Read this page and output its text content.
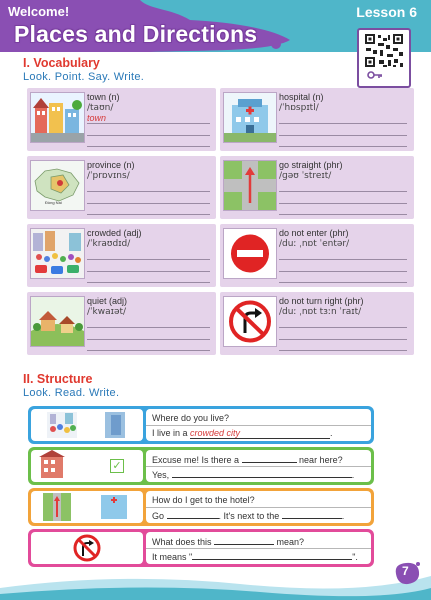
Welcome!	Lesson 6
Places and Directions
I. Vocabulary
Look. Point. Say. Write.
town (n)
/taʊn/
town
hospital (n)
/ˈhɒspɪtl/
Đồng Nai
province (n)
/ˈprɒvɪns/
go straight (phr)
/ɡəʊ ˈstreɪt/
crowded (adj)
/ˈkraʊdɪd/
do not enter (phr)
/duː ˌnɒt ˈentər/
quiet (adj)
/ˈkwaɪət/
do not turn right (phr)
/duː ˌnɒt tɜːn ˈraɪt/
II. Structure
Look. Read. Write.
Where do you live?
I live in a crowded city	.
✓	Excuse me! Is there a	near here?
Yes,	.
How do I get to the hotel?
Go	. It's next to the	.
What does this	mean?
It means "	".
7
